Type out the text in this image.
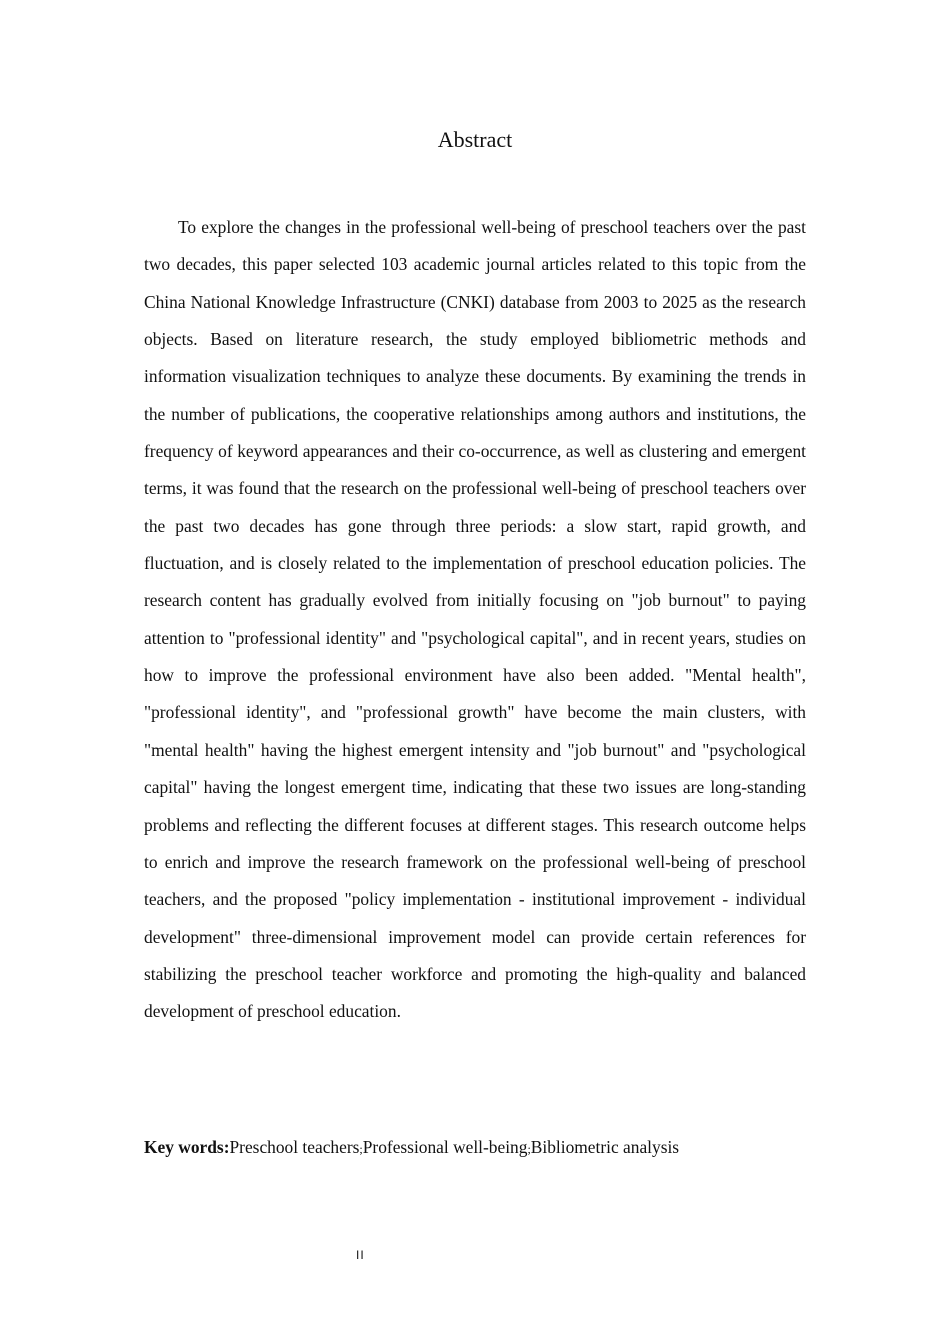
Abstract

To explore the changes in the professional well-being of preschool teachers over the past two decades, this paper selected 103 academic journal articles related to this topic from the China National Knowledge Infrastructure (CNKI) database from 2003 to 2025 as the research objects. Based on literature research, the study employed bibliometric methods and information visualization techniques to analyze these documents. By examining the trends in the number of publications, the cooperative relationships among authors and institutions, the frequency of keyword appearances and their co-occurrence, as well as clustering and emergent terms, it was found that the research on the professional well-being of preschool teachers over the past two decades has gone through three periods: a slow start, rapid growth, and fluctuation, and is closely related to the implementation of preschool education policies. The research content has gradually evolved from initially focusing on "job burnout" to paying attention to "professional identity" and "psychological capital", and in recent years, studies on how to improve the professional environment have also been added. "Mental health", "professional identity", and "professional growth" have become the main clusters, with "mental health" having the highest emergent intensity and "job burnout" and "psychological capital" having the longest emergent time, indicating that these two issues are long-standing problems and reflecting the different focuses at different stages. This research outcome helps to enrich and improve the research framework on the professional well-being of preschool teachers, and the proposed "policy implementation - institutional improvement - individual development" three-dimensional improvement model can provide certain references for stabilizing the preschool teacher workforce and promoting the high-quality and balanced development of preschool education.

Key words:Preschool teachers;Professional well-being;Bibliometric analysis

II
